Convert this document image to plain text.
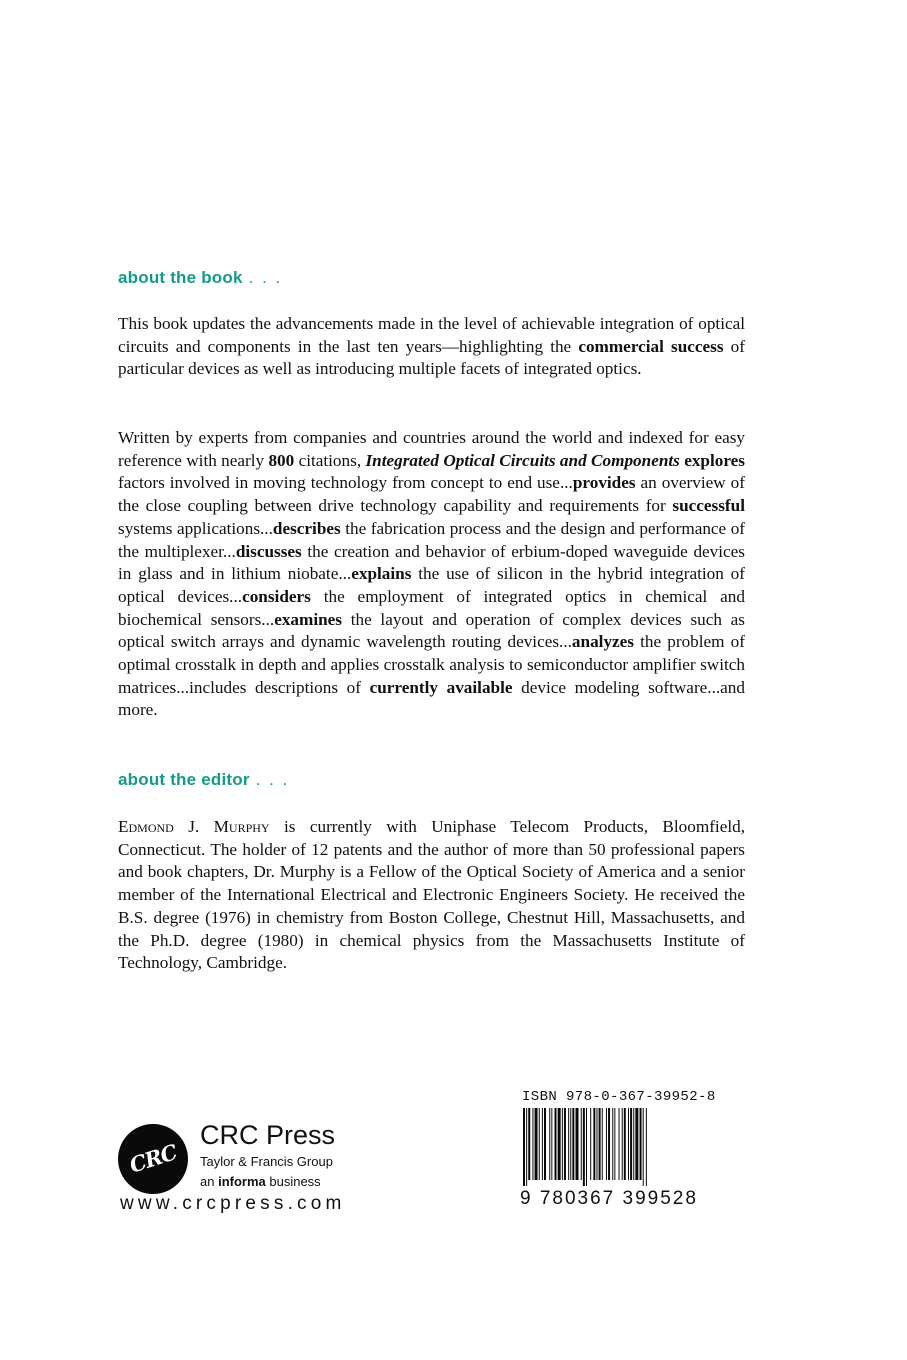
about the book . . .

This book updates the advancements made in the level of achievable integration of optical circuits and components in the last ten years—highlighting the commercial success of particular devices as well as introducing multiple facets of integrated optics.

Written by experts from companies and countries around the world and indexed for easy reference with nearly 800 citations, Integrated Optical Circuits and Components explores factors involved in moving technology from concept to end use...provides an overview of the close coupling between drive technology capability and requirements for successful systems applications...describes the fabrication process and the design and performance of the multiplexer...discusses the creation and behavior of erbium-doped waveguide devices in glass and in lithium niobate...explains the use of silicon in the hybrid integration of optical devices...considers the employment of integrated optics in chemical and biochemical sensors...examines the layout and operation of complex devices such as optical switch arrays and dynamic wavelength routing devices...analyzes the problem of optimal crosstalk in depth and applies crosstalk analysis to semiconductor amplifier switch matrices...includes descriptions of currently available device modeling software...and more.

about the editor . . .

Edmond J. Murphy is currently with Uniphase Telecom Products, Bloomfield, Connecticut. The holder of 12 patents and the author of more than 50 professional papers and book chapters, Dr. Murphy is a Fellow of the Optical Society of America and a senior member of the International Electrical and Electronic Engineers Society. He received the B.S. degree (1976) in chemistry from Boston College, Chestnut Hill, Massachusetts, and the Ph.D. degree (1980) in chemical physics from the Massachusetts Institute of Technology, Cambridge.

CRC
CRC Press
Taylor & Francis Group
an informa business
www.crcpress.com
ISBN 978-0-367-39952-8
9 780367 399528
